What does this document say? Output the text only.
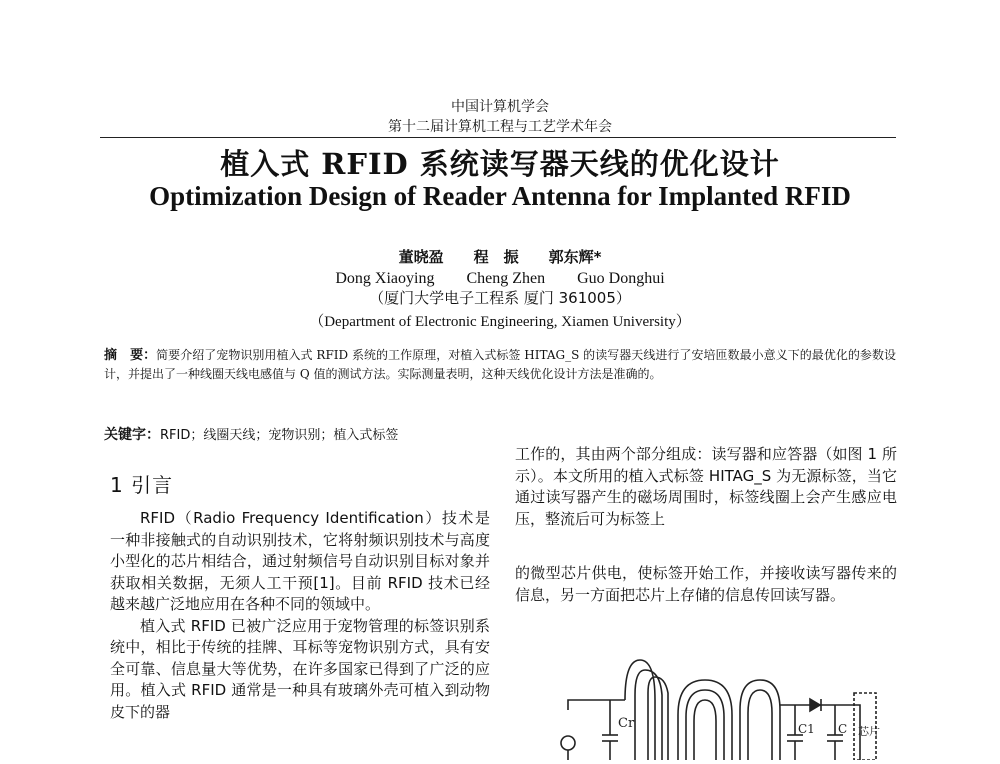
中国计算机学会
第十二届计算机工程与工艺学术年会
植入式 RFID 系统读写器天线的优化设计
Optimization Design of Reader Antenna for Implanted RFID
董晓盈　　程　振　　郭东辉*
Dong Xiaoying　　Cheng Zhen　　Guo Donghui
（厦门大学电子工程系 厦门 361005）
（Department of Electronic Engineering, Xiamen University）
摘　要：简要介绍了宠物识别用植入式 RFID 系统的工作原理，对植入式标签 HITAG_S 的读写器天线进行了安培匝数最小意义下的最优化的参数设计，并提出了一种线圈天线电感值与 Q 值的测试方法。实际测量表明，这种天线优化设计方法是准确的。
关键字：RFID；线圈天线；宠物识别；植入式标签
1 引言

RFID（Radio Frequency Identification）技术是一种非接触式的自动识别技术，它将射频识别技术与高度小型化的芯片相结合，通过射频信号自动识别目标对象并获取相关数据，无须人工干预[1]。目前 RFID 技术已经越来越广泛地应用在各种不同的领域中。

植入式 RFID 已被广泛应用于宠物管理的标签识别系统中，相比于传统的挂牌、耳标等宠物识别方式，具有安全可靠、信息量大等优势，在许多国家已得到了广泛的应用。植入式 RFID 通常是一种具有玻璃外壳可植入到动物皮下的器

工作的，其由两个部分组成：读写器和应答器（如图 1 所示）。本文所用的植入式标签 HITAG_S 为无源标签，当它通过读写器产生的磁场周围时，标签线圈上会产生感应电压，整流后可为标签上

的微型芯片供电，使标签开始工作，并接收读写器传来的信息，另一方面把芯片上存储的信息传回读写器。

Cr	C1 C 芯片
